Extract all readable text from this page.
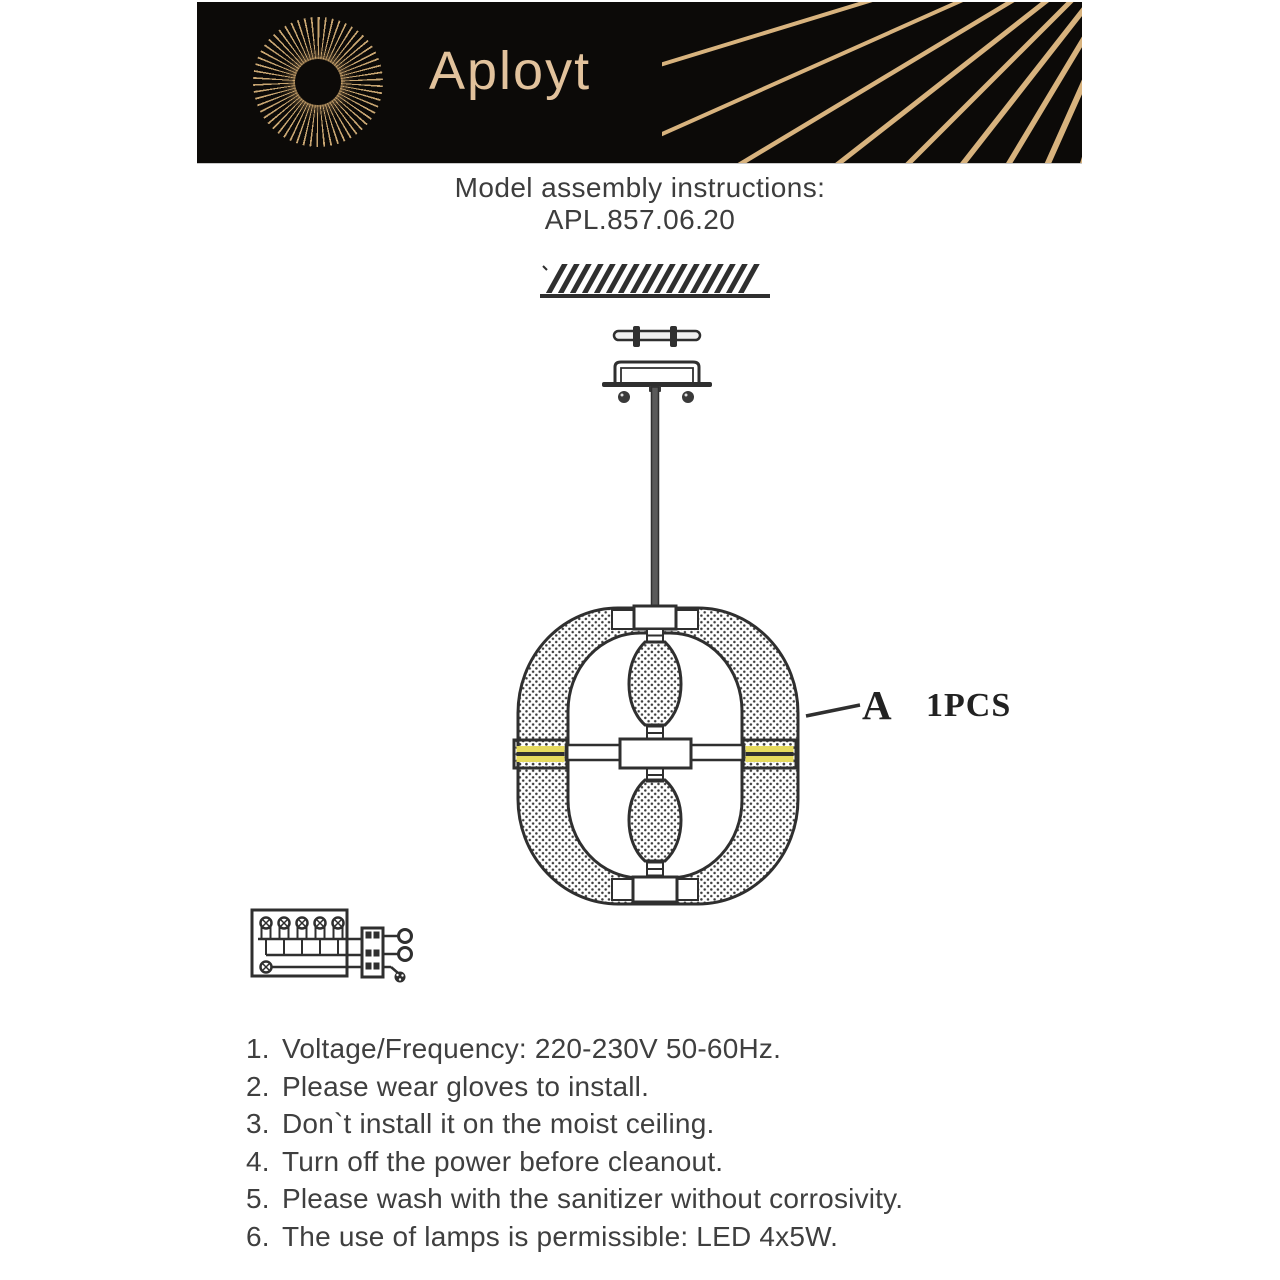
Aployt
Model assembly instructions:
APL.857.06.20
A 1PCS
1. Voltage/Frequency: 220-230V 50-60Hz.
2. Please wear gloves to install.
3. Don`t install it on the moist ceiling.
4. Turn off the power before cleanout.
5. Please wash with the sanitizer without corrosivity.
6. The use of lamps is permissible: LED 4x5W.
